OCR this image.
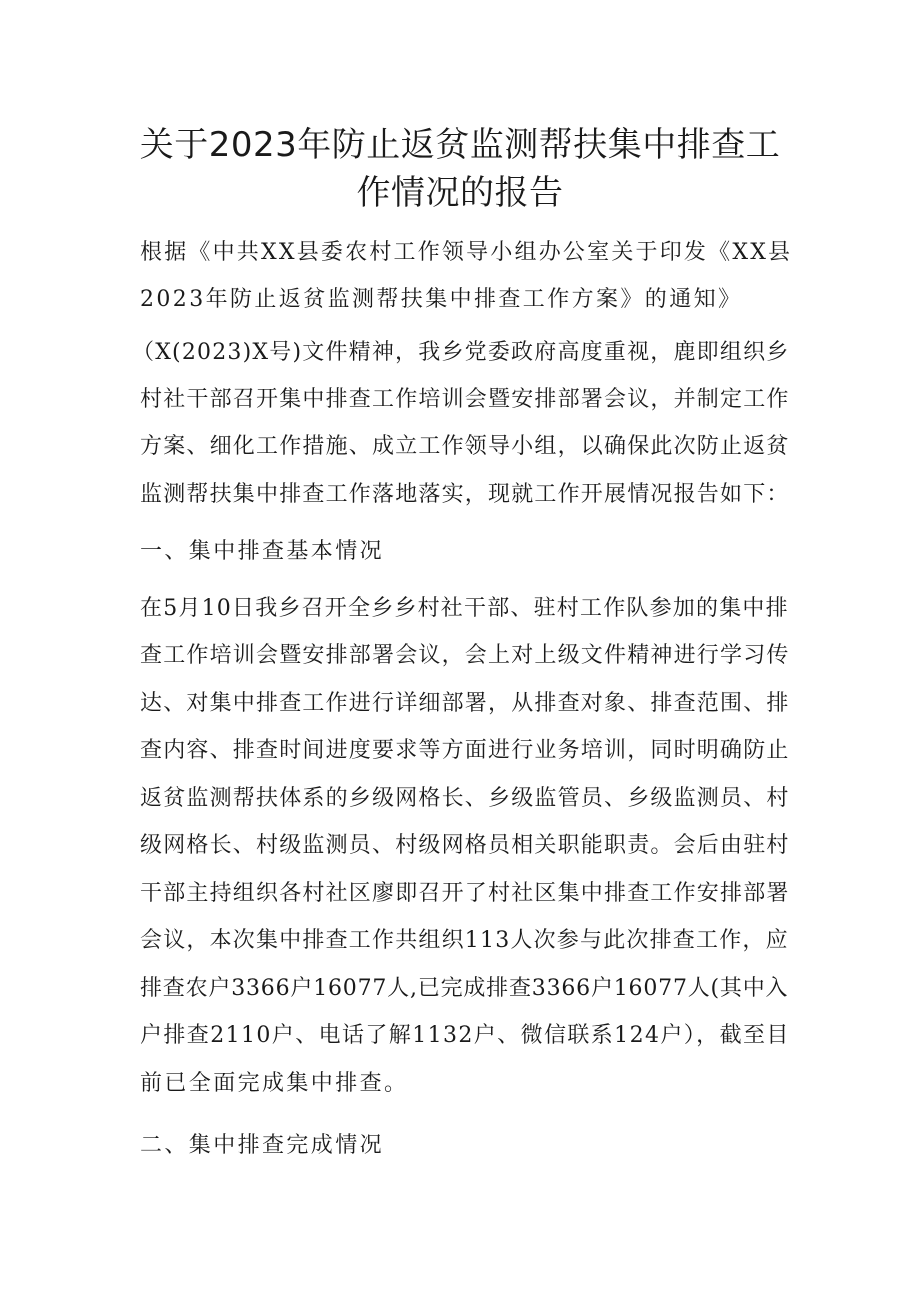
关于2023年防止返贫监测帮扶集中排查工
作情况的报告

根据《中共XX县委农村工作领导小组办公室关于印发《XX县

2023年防止返贫监测帮扶集中排查工作方案》的通知》

（X(2023)X号)文件精神，我乡党委政府高度重视，鹿即组织乡

村社干部召开集中排查工作培训会暨安排部署会议，并制定工作

方案、细化工作措施、成立工作领导小组，以确保此次防止返贫

监测帮扶集中排查工作落地落实，现就工作开展情况报告如下：

一、集中排查基本情况

在5月10日我乡召开全乡乡村社干部、驻村工作队参加的集中排

查工作培训会暨安排部署会议，会上对上级文件精神进行学习传

达、对集中排查工作进行详细部署，从排查对象、排查范围、排

查内容、排查时间进度要求等方面进行业务培训，同时明确防止

返贫监测帮扶体系的乡级网格长、乡级监管员、乡级监测员、村

级网格长、村级监测员、村级网格员相关职能职责。会后由驻村

干部主持组织各村社区廖即召开了村社区集中排查工作安排部署

会议，本次集中排查工作共组织113人次参与此次排查工作，应

排查农户3366户16077人,已完成排查3366户16077人(其中入

户排查2110户、电话了解1132户、微信联系124户），截至目

前已全面完成集中排查。

二、集中排查完成情况
